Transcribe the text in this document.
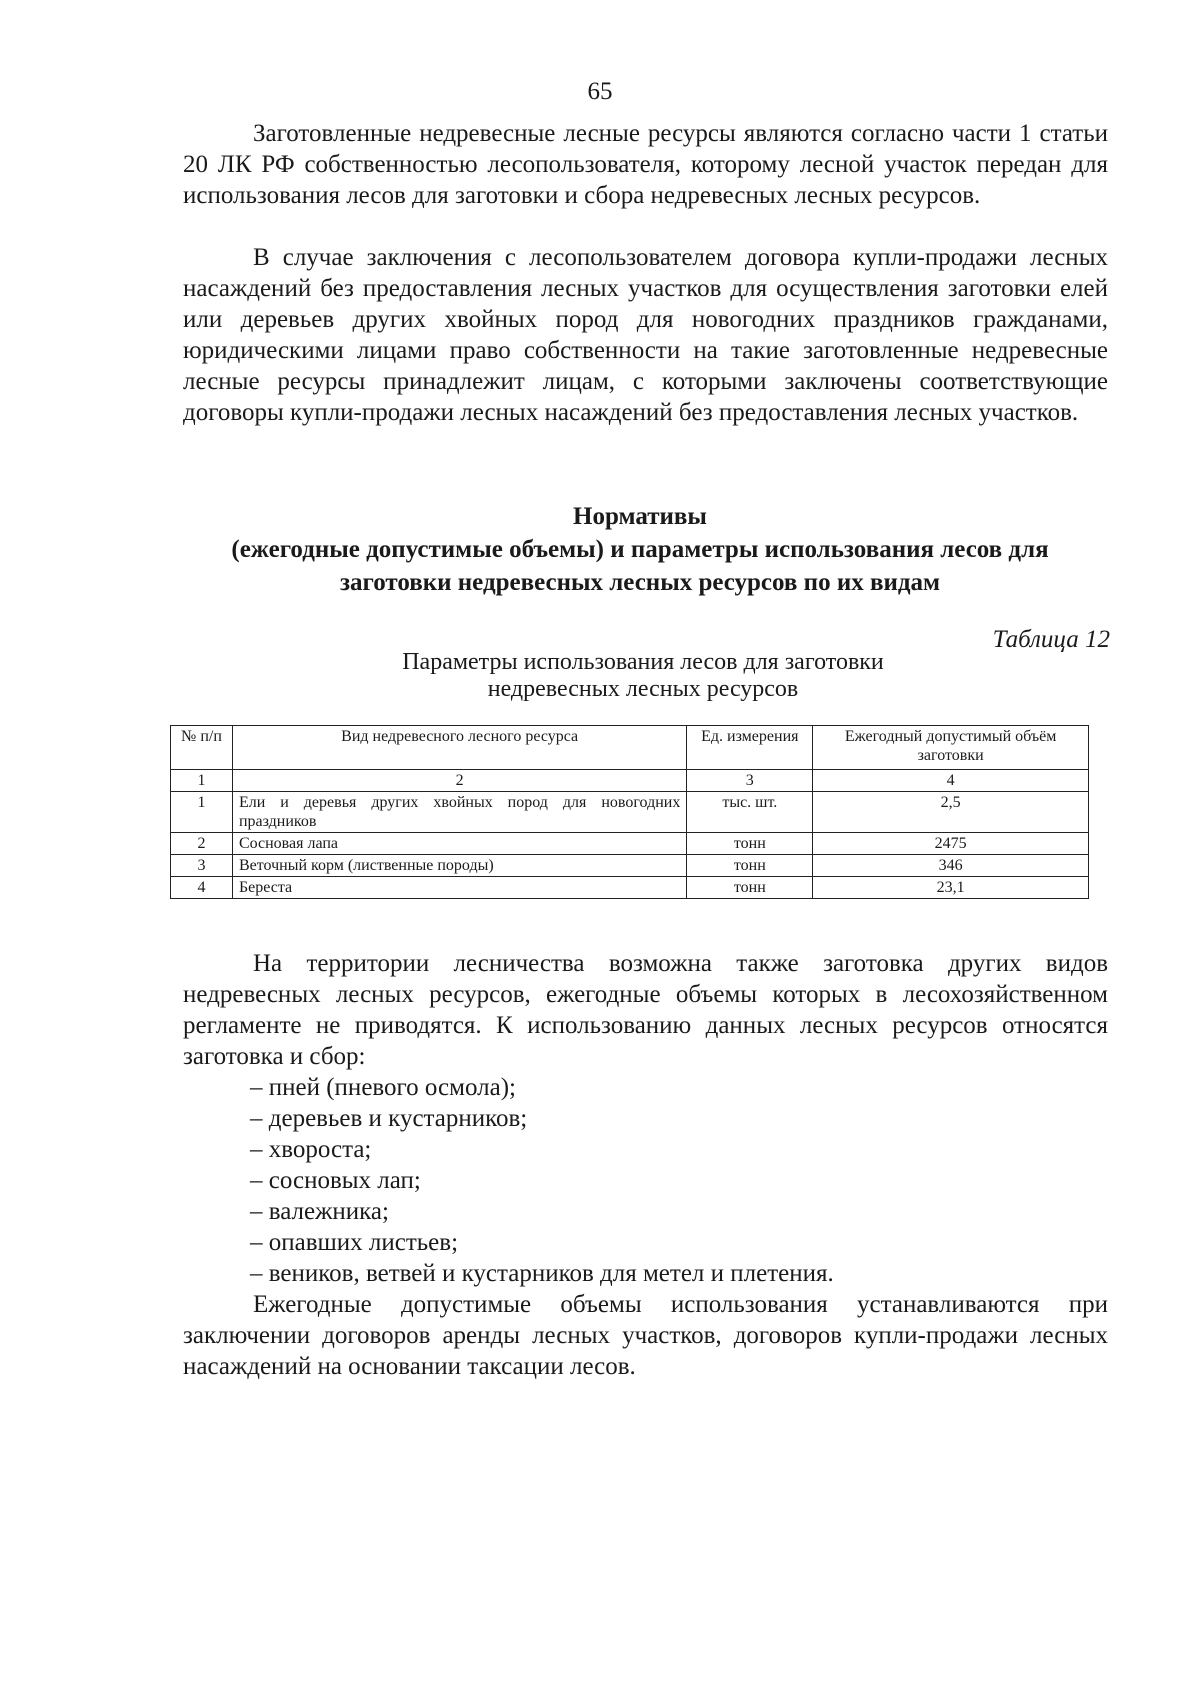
65

Заготовленные недревесные лесные ресурсы являются согласно части 1 статьи 20 ЛК РФ собственностью лесопользователя, которому лесной участок передан для использования лесов для заготовки и сбора недревесных лесных ресурсов.

В случае заключения с лесопользователем договора купли-продажи лесных насаждений без предоставления лесных участков для осуществления заготовки елей или деревьев других хвойных пород для новогодних праздников гражданами, юридическими лицами право собственности на такие заготовленные недревесные лесные ресурсы принадлежит лицам, с которыми заключены соответствующие договоры купли-продажи лесных насаждений без предоставления лесных участков.

Нормативы
(ежегодные допустимые объемы) и параметры использования лесов для
заготовки недревесных лесных ресурсов по их видам
Таблица 12
Параметры использования лесов для заготовки
недревесных лесных ресурсов
№ п/п	Вид недревесного лесного ресурса	Ед. измерения	Ежегодный допустимый объём заготовки
1	2	3	4
1	Ели и деревья других хвойных пород для новогодних праздников	тыс. шт.	2,5
2	Сосновая лапа	тонн	2475
3	Веточный корм (лиственные породы)	тонн	346
4	Береста	тонн	23,1

На территории лесничества возможна также заготовка других видов недревесных лесных ресурсов, ежегодные объемы которых в лесохозяйственном регламенте не приводятся. К использованию данных лесных ресурсов относятся заготовка и сбор:

– пней (пневого осмола);
– деревьев и кустарников;
– хвороста;
– сосновых лап;
– валежника;
– опавших листьев;
– веников, ветвей и кустарников для метел и плетения.

Ежегодные допустимые объемы использования устанавливаются при заключении договоров аренды лесных участков, договоров купли-продажи лесных насаждений на основании таксации лесов.
